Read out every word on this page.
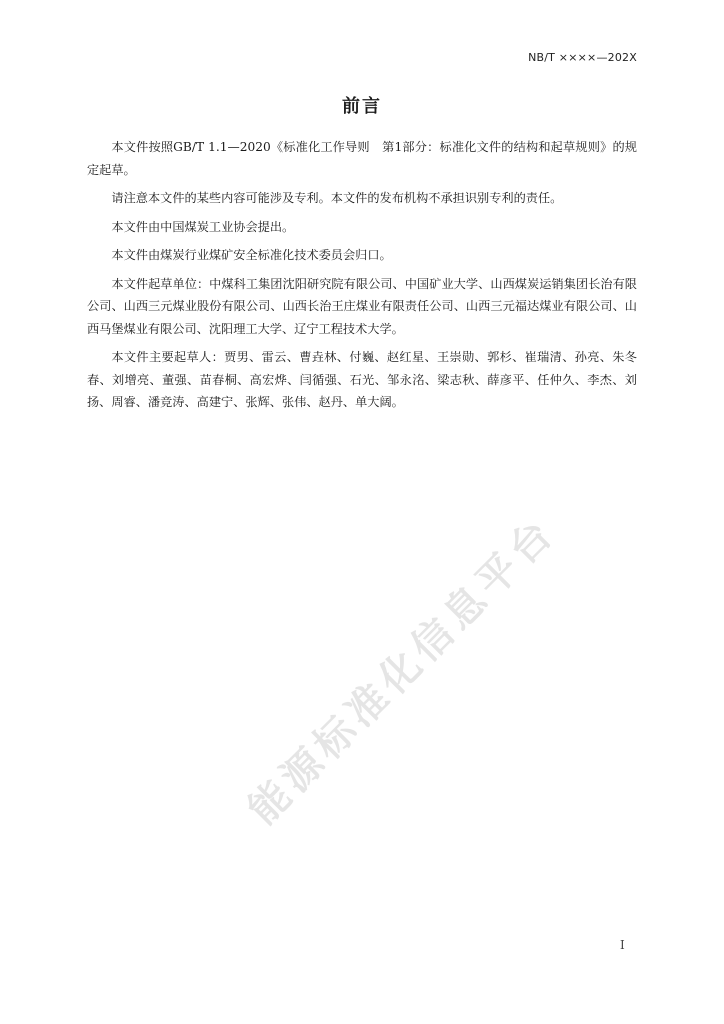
NB/T ××××—202X
前言

本文件按照GB/T 1.1—2020《标准化工作导则　第1部分：标准化文件的结构和起草规则》的规定起草。

请注意本文件的某些内容可能涉及专利。本文件的发布机构不承担识别专利的责任。

本文件由中国煤炭工业协会提出。

本文件由煤炭行业煤矿安全标准化技术委员会归口。

本文件起草单位：中煤科工集团沈阳研究院有限公司、中国矿业大学、山西煤炭运销集团长治有限公司、山西三元煤业股份有限公司、山西长治王庄煤业有限责任公司、山西三元福达煤业有限公司、山西马堡煤业有限公司、沈阳理工大学、辽宁工程技术大学。

本文件主要起草人：贾男、雷云、曹垚林、付巍、赵红星、王崇勋、郭杉、崔瑞清、孙亮、朱冬春、刘增亮、董强、苗春桐、高宏烨、闫循强、石光、邹永洺、梁志秋、薛彦平、任仲久、李杰、刘扬、周睿、潘竞涛、高建宁、张辉、张伟、赵丹、单大阔。

能源标准化信息平台
I
